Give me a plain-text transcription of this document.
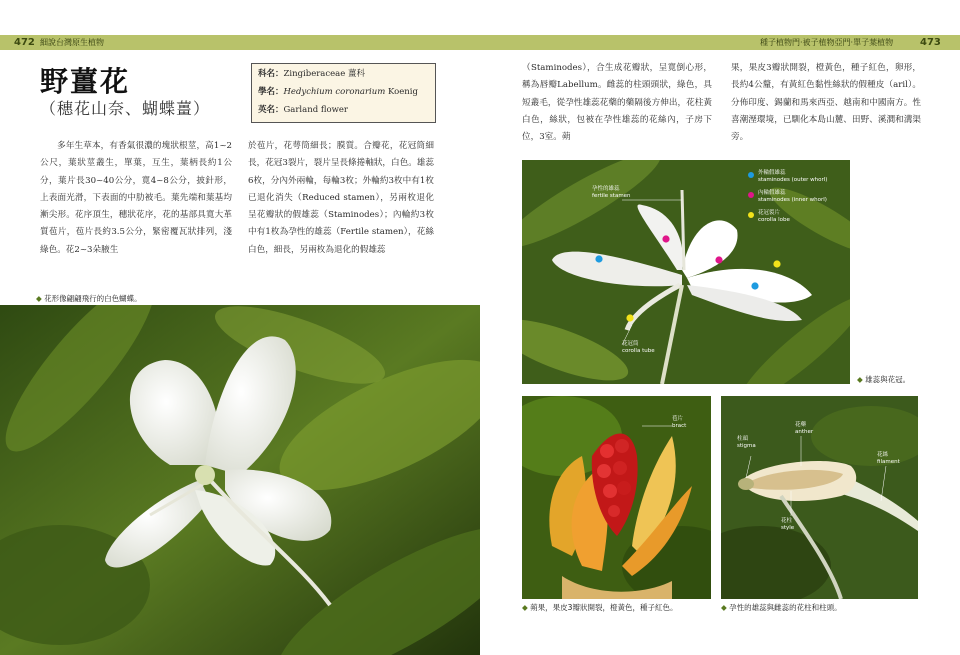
472 細說台灣原生植物	種子植物門‧被子植物亞門‧單子葉植物	473
野薑花
（穗花山奈、蝴蝶薑）
科名：Zingiberaceae 薑科
學名：Hedychium coronarium Koenig
英名：Garland flower
多年生草本，有香氣很濃的塊狀根莖，高1~2公尺，葉狀莖叢生，單葉，互生，葉柄長約1公分，葉片長30~40公分，寬4~8公分，披針形，上表面光滑，下表面的中肋被毛。葉先端和葉基均漸尖形。花序頂生，穗狀花序，花的基部具寬大革質苞片，苞片長約3.5公分，緊密覆瓦狀排列，淺綠色。花2~3朵腋生
於苞片，花萼筒細長；膜質。合瓣花，花冠筒細長，花冠3裂片，裂片呈長條捲軸狀，白色。雄蕊6枚，分內外兩輪，每輪3枚；外輪約3枚中有1枚已退化消失（Reduced stamen），另兩枚退化呈花瓣狀的假雄蕊（Staminodes）；內輪約3枚中有1枚為孕性的雄蕊（Fertile stamen），花絲白色，細長，另兩枚為退化的假雄蕊
（Staminodes），合生成花瓣狀，呈寬倒心形，稱為唇瓣Labellum。雌蕊的柱頭頭狀，綠色，具短叢毛，從孕性雄蕊花藥的藥隔後方伸出，花柱黃白色，絲狀，包被在孕性雄蕊的花絲內，子房下位，3室。蒴
果，果皮3瓣狀開裂，橙黃色，種子紅色，卵形，長約4公釐，有黃紅色黏性絲狀的假種皮（aril）。分佈印度、錫蘭和馬來西亞、越南和中國南方。性喜潮溼環境，已馴化本島山麓、田野、溪澗和溝渠旁。
◆ 花形像翩翩飛行的白色蝴蝶。
孕性的雄蕊
fertile stamen
外輪假雄蕊
staminodes (outer whorl)
內輪假雄蕊
staminodes (inner whorl)
花冠裂片
corolla lobe
花冠筒
corolla tube
◆ 雄蕊與花冠。
苞片
bract
◆ 蒴果，果皮3瓣狀開裂，橙黃色，種子紅色。
花藥
anther
柱頭
stigma
花絲
filament
花柱
style
◆ 孕性的雄蕊與雌蕊的花柱和柱頭。
